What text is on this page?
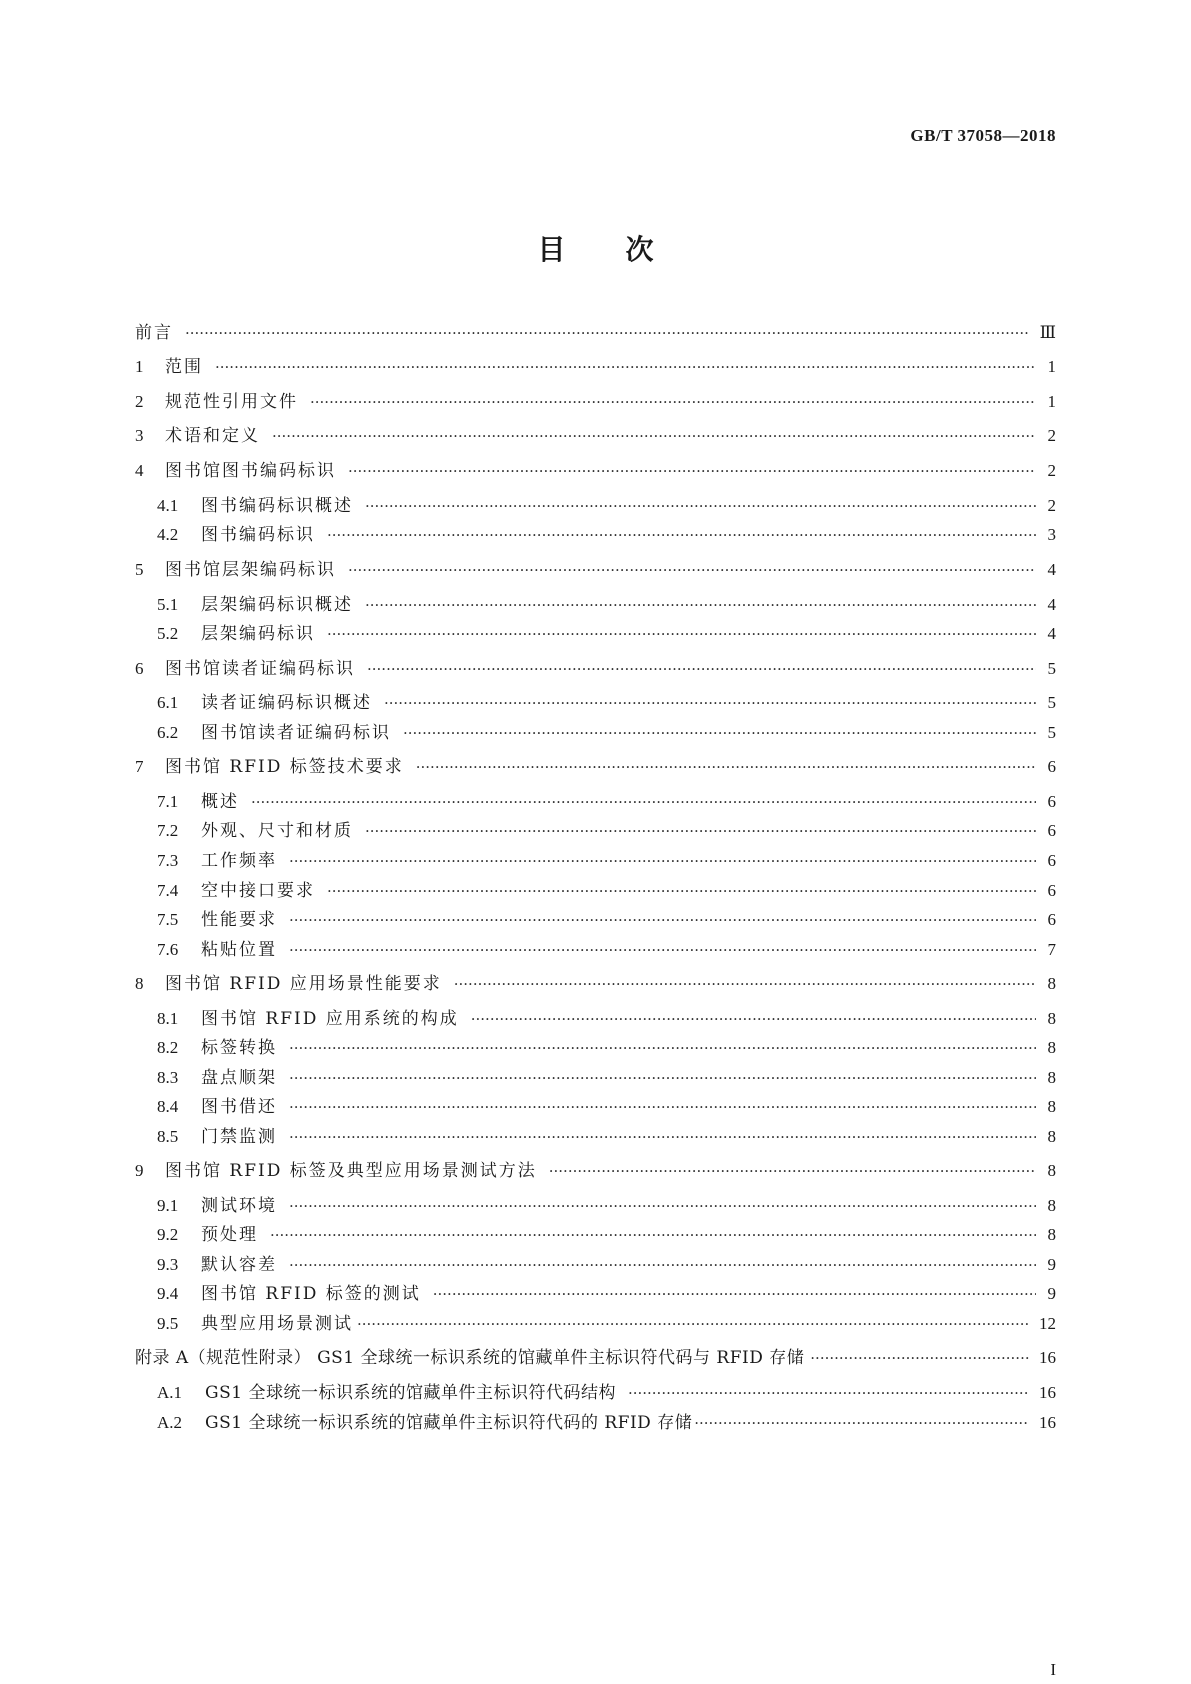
GB/T 37058—2018
目次
前言 ·····	Ⅲ
1	范围 ·····	1
2	规范性引用文件 ·····	1
3	术语和定义 ·····	2
4	图书馆图书编码标识 ·····	2
4.1	图书编码标识概述 ·····	2
4.2	图书编码标识 ·····	3
5	图书馆层架编码标识 ·····	4
5.1	层架编码标识概述 ·····	4
5.2	层架编码标识 ·····	4
6	图书馆读者证编码标识 ·····	5
6.1	读者证编码标识概述 ·····	5
6.2	图书馆读者证编码标识 ·····	5
7	图书馆 RFID 标签技术要求 ·····	6
7.1	概述 ·····	6
7.2	外观、尺寸和材质 ·····	6
7.3	工作频率 ·····	6
7.4	空中接口要求 ·····	6
7.5	性能要求 ·····	6
7.6	粘贴位置 ·····	7
8	图书馆 RFID 应用场景性能要求 ·····	8
8.1	图书馆 RFID 应用系统的构成 ·····	8
8.2	标签转换 ·····	8
8.3	盘点顺架 ·····	8
8.4	图书借还 ·····	8
8.5	门禁监测 ·····	8
9	图书馆 RFID 标签及典型应用场景测试方法 ·····	8
9.1	测试环境 ·····	8
9.2	预处理 ·····	8
9.3	默认容差 ·····	9
9.4	图书馆 RFID 标签的测试 ·····	9
9.5	典型应用场景测试 ·····	12
附录 A（规范性附录） GS1 全球统一标识系统的馆藏单件主标识符代码与 RFID 存储 ·····	16
A.1	GS1 全球统一标识系统的馆藏单件主标识符代码结构 ·····	16
A.2	GS1 全球统一标识系统的馆藏单件主标识符代码的 RFID 存储 ·····	16
I
